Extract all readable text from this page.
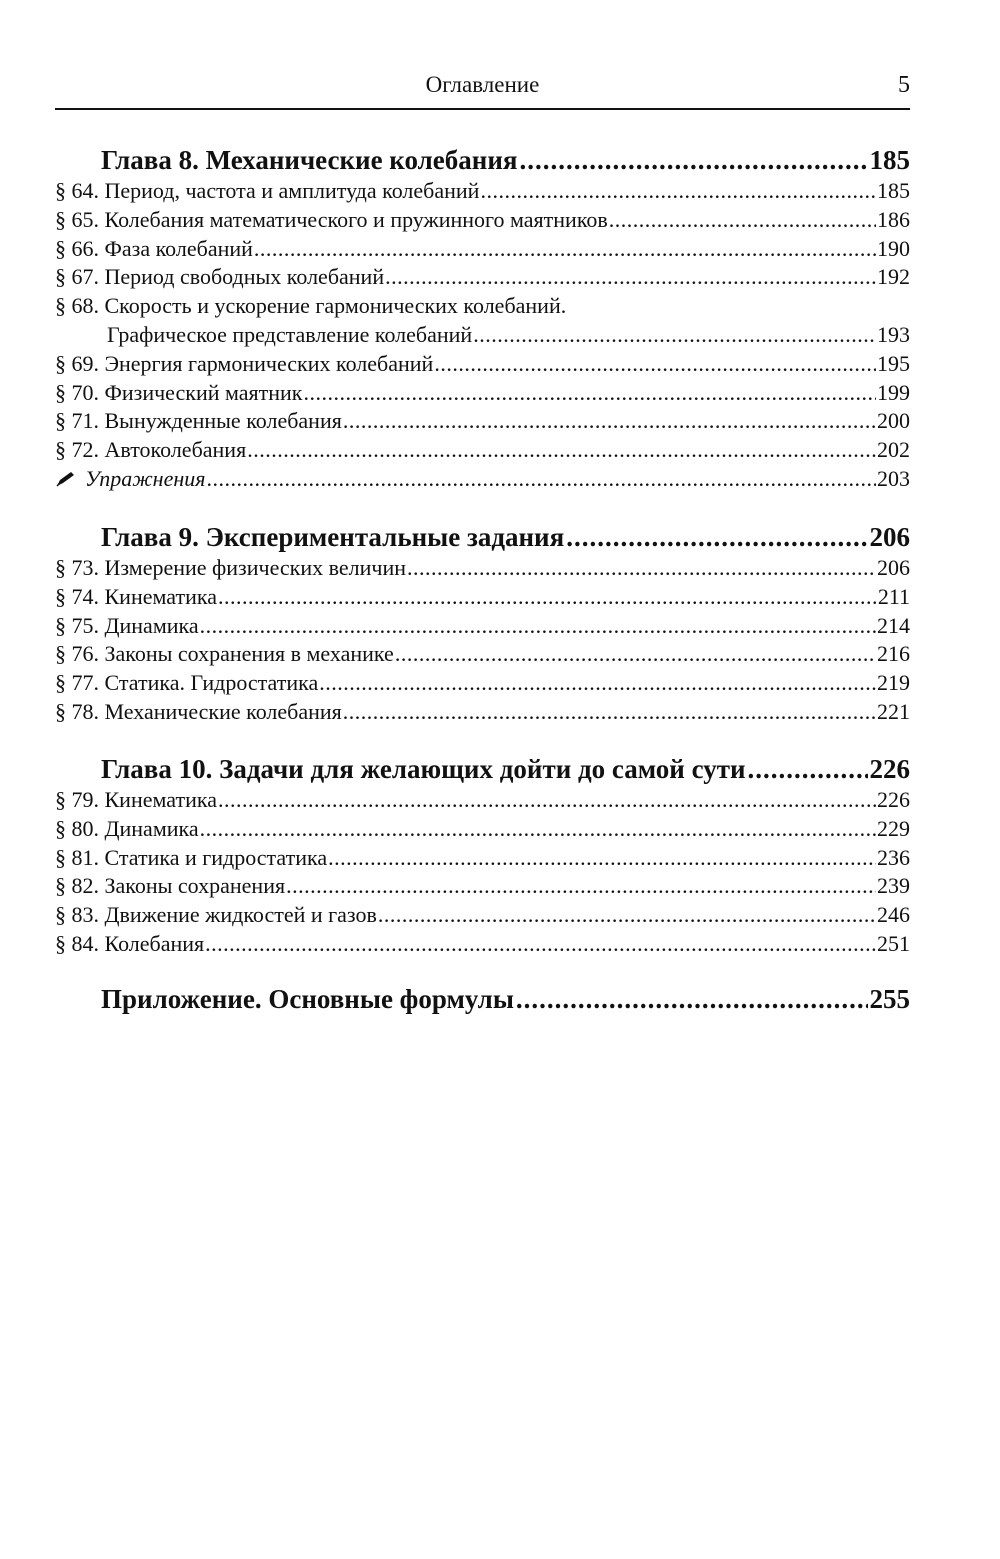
Оглавление	5
Глава 8. Механические колебания .....	185
§ 64. Период, частота и амплитуда колебаний .....	185
§ 65. Колебания математического и пружинного маятников .....	186
§ 66. Фаза колебаний .....	190
§ 67. Период свободных колебаний .....	192
§ 68. Скорость и ускорение гармонических колебаний.
Графическое представление колебаний .....	193
§ 69. Энергия гармонических колебаний .....	195
§ 70. Физический маятник .....	199
§ 71. Вынужденные колебания .....	200
§ 72. Автоколебания .....	202
Упражнения .....	203
Глава 9. Экспериментальные задания .....	206
§ 73. Измерение физических величин .....	206
§ 74. Кинематика .....	211
§ 75. Динамика .....	214
§ 76. Законы сохранения в механике .....	216
§ 77. Статика. Гидростатика .....	219
§ 78. Механические колебания .....	221
Глава 10. Задачи для желающих дойти до самой сути .....	226
§ 79. Кинематика .....	226
§ 80. Динамика .....	229
§ 81. Статика и гидростатика .....	236
§ 82. Законы сохранения .....	239
§ 83. Движение жидкостей и газов .....	246
§ 84. Колебания .....	251
Приложение. Основные формулы .....	255
